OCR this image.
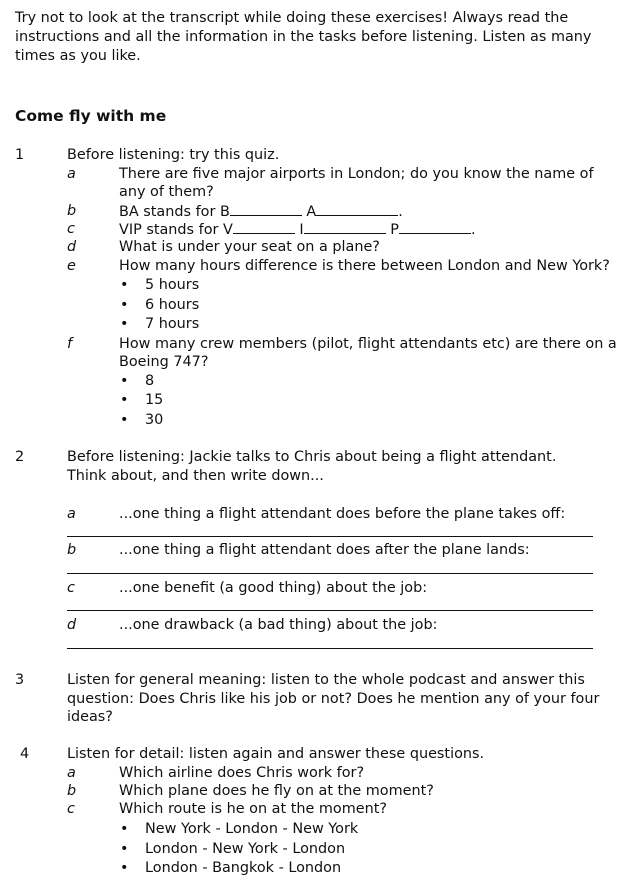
Try not to look at the transcript while doing these exercises! Always read the instructions and all the information in the tasks before listening. Listen as many times as you like.
Come fly with me
1	Before listening: try this quiz.
a	There are five major airports in London; do you know the name of
any of them?
b	BA stands for B	A	.
c	VIP stands for V	I	P	.
d	What is under your seat on a plane?
e	How many hours difference is there between London and New York?
• 5 hours
• 6 hours
• 7 hours
f	How many crew members (pilot, flight attendants etc) are there on a
Boeing 747?
• 8
• 15
• 30
2	Before listening: Jackie talks to Chris about being a flight attendant.
Think about, and then write down...
a	...one thing a flight attendant does before the plane takes off:
b	...one thing a flight attendant does after the plane lands:
c	...one benefit (a good thing) about the job:
d	...one drawback (a bad thing) about the job:
3	Listen for general meaning: listen to the whole podcast and answer this
question: Does Chris like his job or not? Does he mention any of your four
ideas?
4	Listen for detail: listen again and answer these questions.
a	Which airline does Chris work for?
b	Which plane does he fly on at the moment?
c	Which route is he on at the moment?
• New York - London - New York
• London - New York - London
• London - Bangkok - London
